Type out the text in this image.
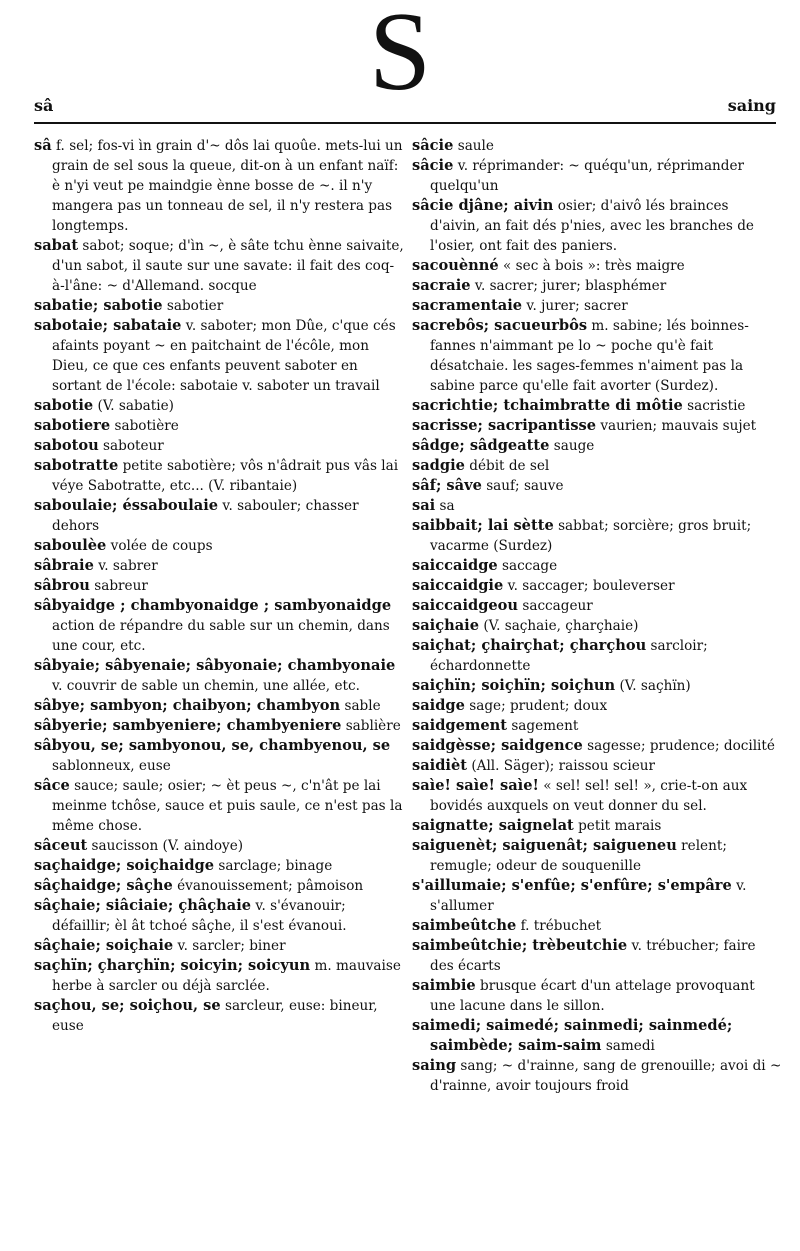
S
sâ	saing

sâ f. sel; fos-vi ìn grain d'~ dôs lai quoûe. mets-lui un grain de sel sous la queue, dit-on à un enfant naïf: è n'yi veut pe maindgie ènne bosse de ~. il n'y mangera pas un tonneau de sel, il n'y restera pas longtemps.

sabat sabot; soque; d'ìn ~, è sâte tchu ènne saivaite, d'un sabot, il saute sur une savate: il fait des coq-à-l'âne: ~ d'Allemand. socque

sabatie; sabotie sabotier

sabotaie; sabataie v. saboter; mon Dûe, c'que cés afaints poyant ~ en paitchaint de l'écôle, mon Dieu, ce que ces enfants peuvent saboter en sortant de l'école: sabotaie v. saboter un travail

sabotie (V. sabatie)

sabotiere sabotière

sabotou saboteur

sabotratte petite sabotière; vôs n'âdrait pus vâs lai véye Sabotratte, etc... (V. ribantaie)

saboulaie; éssaboulaie v. sabouler; chasser dehors

saboulèe volée de coups

sâbraie v. sabrer

sâbrou sabreur

sâbyaidge ; chambyonaidge ; sambyonaidge action de répandre du sable sur un chemin, dans une cour, etc.

sâbyaie; sâbyenaie; sâbyonaie; chambyonaie v. couvrir de sable un chemin, une allée, etc.

sâbye; sambyon; chaibyon; chambyon sable

sâbyerie; sambyeniere; chambyeniere sablière

sâbyou, se; sambyonou, se, chambyenou, se sablonneux, euse

sâce sauce; saule; osier; ~ èt peus ~, c'n'ât pe lai meinme tchôse, sauce et puis saule, ce n'est pas la même chose.

sâceut saucisson (V. aindoye)

saçhaidge; soiçhaidge sarclage; binage

sâçhaidge; sâçhe évanouissement; pâmoison

sâçhaie; siâciaie; çhâçhaie v. s'évanouir; défaillir; èl ât tchoé sâçhe, il s'est évanoui.

sâçhaie; soiçhaie v. sarcler; biner

saçhïn; çharçhïn; soicyin; soicyun m. mauvaise herbe à sarcler ou déjà sarclée.

saçhou, se; soiçhou, se sarcleur, euse: bineur, euse

sâcie saule

sâcie v. réprimander: ~ quéqu'un, réprimander quelqu'un

sâcie djâne; aivin osier; d'aivô lés brainces d'aivin, an fait dés p'nies, avec les branches de l'osier, ont fait des paniers.

sacouènné « sec à bois »: très maigre

sacraie v. sacrer; jurer; blasphémer

sacramentaie v. jurer; sacrer

sacrebôs; sacueurbôs m. sabine; lés boinnes-fannes n'aimmant pe lo ~ poche qu'è fait désatchaie. les sages-femmes n'aiment pas la sabine parce qu'elle fait avorter (Surdez).

sacrichtie; tchaimbratte di môtie sacristie

sacrisse; sacripantisse vaurien; mauvais sujet

sâdge; sâdgeatte sauge

sadgie débit de sel

sâf; sâve sauf; sauve

sai sa

saibbait; lai sètte sabbat; sorcière; gros bruit; vacarme (Surdez)

saiccaidge saccage

saiccaidgie v. saccager; bouleverser

saiccaidgeou saccageur

saiçhaie (V. saçhaie, çharçhaie)

saiçhat; çhairçhat; çharçhou sarcloir; échardonnette

saiçhïn; soiçhïn; soiçhun (V. saçhïn)

saidge sage; prudent; doux

saidgement sagement

saidgèsse; saidgence sagesse; prudence; docilité

saidièt (All. Säger); raissou scieur

saìe! saìe! saìe! « sel! sel! sel! », crie-t-on aux bovidés auxquels on veut donner du sel.

saignatte; saignelat petit marais

saiguenèt; saiguenât; saigueneu relent; remugle; odeur de souquenille

s'aillumaie; s'enfûe; s'enfûre; s'empâre v. s'allumer

saimbeûtche f. trébuchet

saimbeûtchie; trèbeutchie v. trébucher; faire des écarts

saimbie brusque écart d'un attelage provoquant une lacune dans le sillon.

saimedi; saimedé; sainmedi; sainmedé; saimbède; saim-saim samedi

saing sang; ~ d'rainne, sang de grenouille; avoi di ~ d'rainne, avoir toujours froid
